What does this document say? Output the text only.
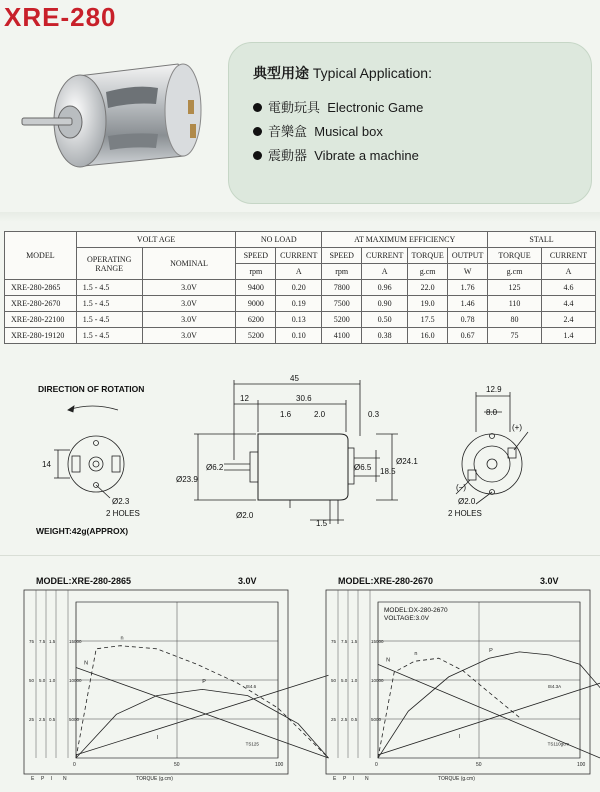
XRE-280
典型用途 Typical Application:
電動玩具 Electronic Game
音樂盒 Musical box
震動器 Vibrate a machine
MODEL	VOLT AGE		NO LOAD		AT MAXIMUM EFFICIENCY				STALL	
	OPERATING RANGE	NOMINAL	SPEED	CURRENT	SPEED	CURRENT	TORQUE	OUTPUT	TORQUE	CURRENT
			rpm	A	rpm	A	g.cm	W	g.cm	A
XRE-280-2865	1.5 - 4.5	3.0V	9400	0.20	7800	0.96	22.0	1.76	125	4.6
XRE-280-2670	1.5 - 4.5	3.0V	9000	0.19	7500	0.90	19.0	1.46	110	4.4
XRE-280-22100	1.5 - 4.5	3.0V	6200	0.13	5200	0.50	17.5	0.78	80	2.4
XRE-280-19120	1.5 - 4.5	3.0V	5200	0.10	4100	0.38	16.0	0.67	75	1.4
DIRECTION OF ROTATION
14
Ø2.3
2 HOLES
WEIGHT:42g(APPROX)
45
12	30.6
1.6	2.0	0.3
Ø6.2
Ø23.9
Ø6.5
Ø24.1
18.5
Ø2.0
1.5
12.9
8.0
(+)
(−)
Ø2.0
2 HOLES
MODEL:XRE-280-2865	3.0V
E P I N
25 2.5 0.5	5000
50 5.0 1.0	10000
75 7.5 1.5	15000
0	50	100
TORQUE (g.cm)
n
N
P
I
IS4.6
TS125
MODEL:XRE-280-2670	3.0V
E P I N
25 2.5 0.5	5000
50 5.0 1.0	10000
75 7.5 1.5	15000
0	50	100
TORQUE (g.cm)
MODEL:DX-280-2670
VOLTAGE:3.0V
n
N
P
I
IS4.3A
TS110gcm
